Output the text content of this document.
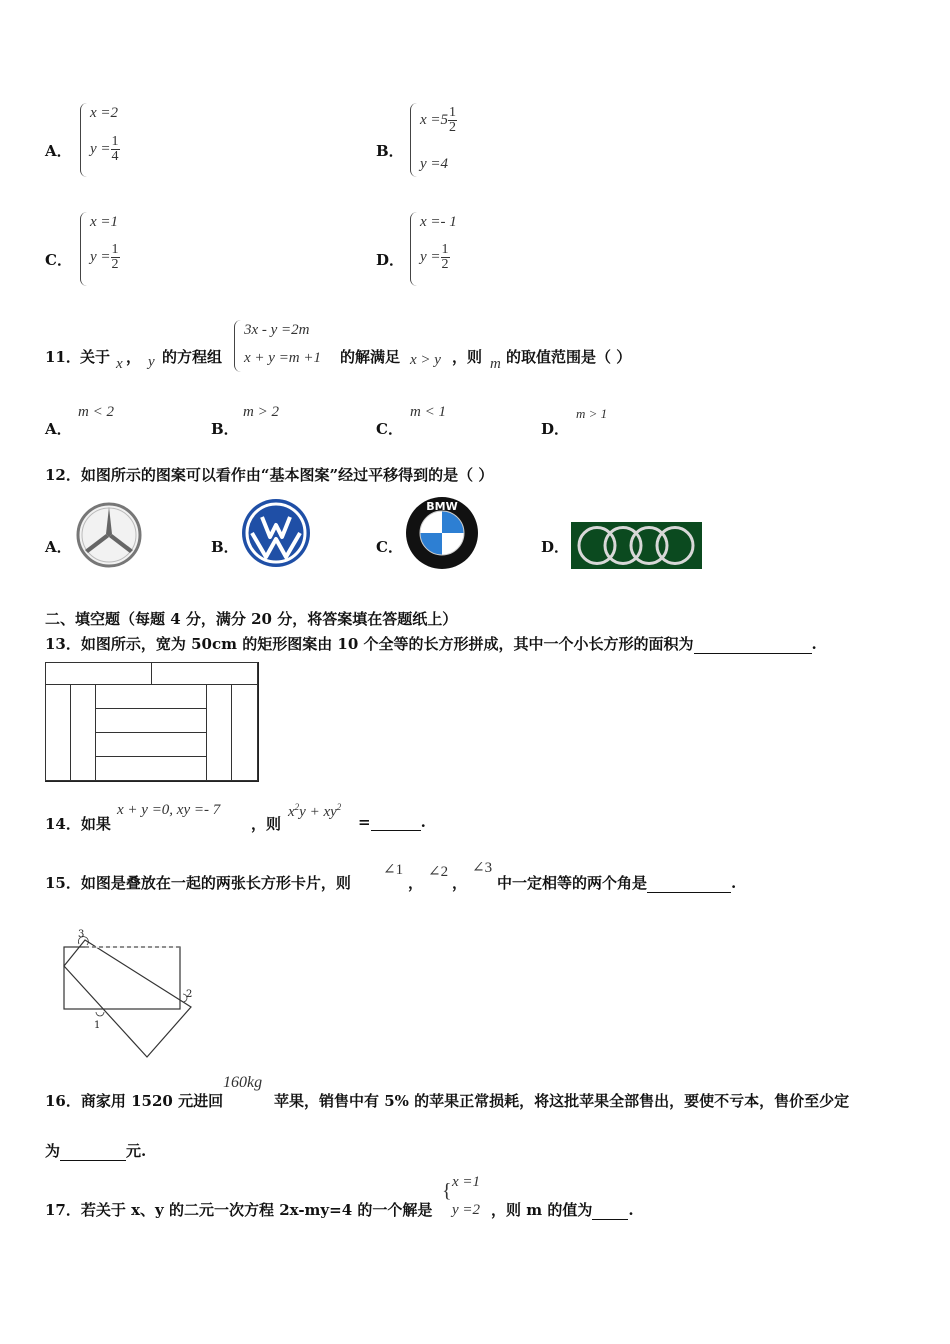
A．
x =2
$y = \frac{1}{4}$	B．
$x =5 \frac{1}{2}$
y =4
C．
x =1
$y = \frac{1}{2}$	D．
x =- 1
$y = \frac{1}{2}$
11． 关于 x ， y 的方程组
3x - y =2m
x + y =m +1 的解满足 x > y ，则 m 的取值范围是（ ）
A．
m < 2
B．
m > 2
C．
m < 1
D．
m > 1
12．如图所示的图案可以看作由“基本图案”经过平移得到的是（ ）
A．	B．	C．
BMW
D．
二、填空题（每题 4 分，满分 20 分，将答案填在答题纸上）
13．如图所示，宽为 50cm 的矩形图案由 10 个全等的长方形拼成，其中一个小长方形的面积为	.
14．如果
x + y =0, xy =- 7
，则
$x^2y + xy^2$
=	.
15．如图是叠放在一起的两张长方形卡片，则
∠1
，
∠2
，
∠3
中一定相等的两个角是	.
3
2
1
16．商家用 1520 元进回
160kg
苹果，销售中有 5% 的苹果正常损耗，将这批苹果全部售出，要使不亏本，售价至少定
为	元.
17．若关于 x、y 的二元一次方程 2x-my=4 的一个解是
{ x =1
y =2 ，则 m 的值为 .
